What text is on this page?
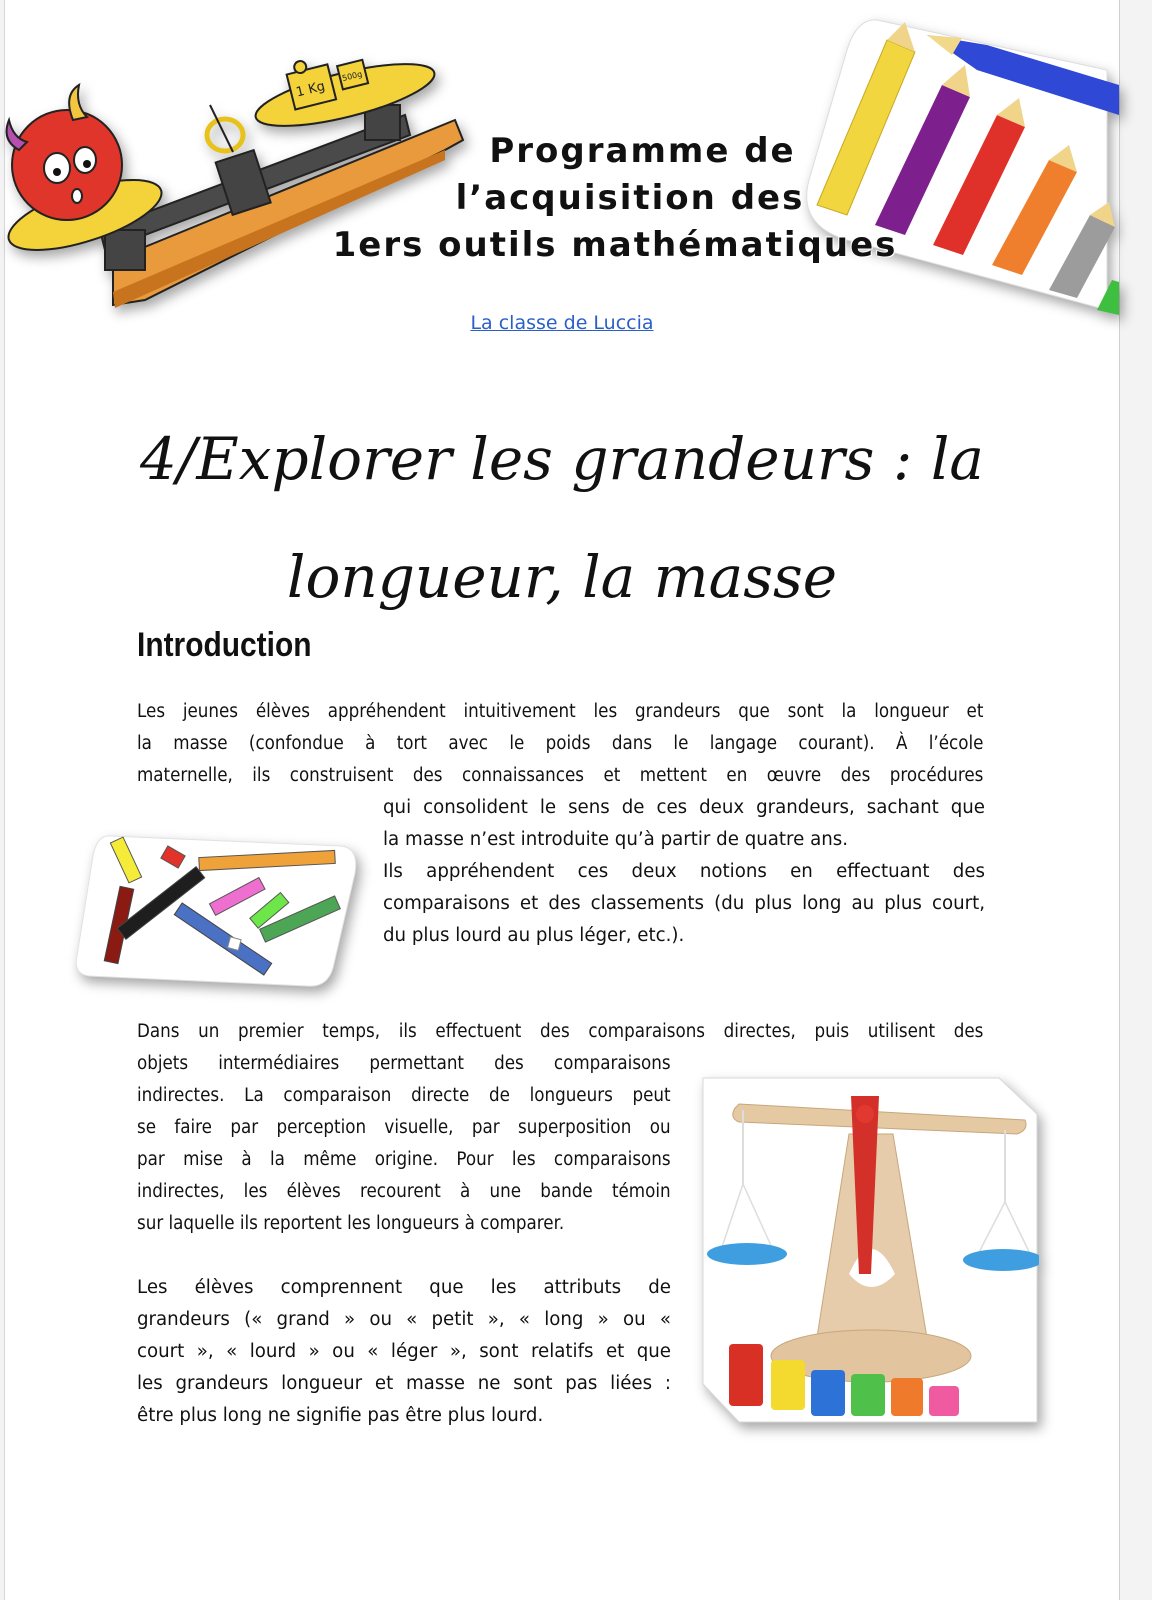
1 Kg
500g
Programme de
l’acquisition des
1ers outils mathématiques
La classe de Luccia
4/Explorer les grandeurs : la
longueur, la masse
Introduction
Les jeunes élèves appréhendent intuitivement les grandeurs que sont la longueur et
la masse (confondue à tort avec le poids dans le langage courant). À l’école
maternelle, ils construisent des connaissances et mettent en œuvre des procédures
qui consolident le sens de ces deux grandeurs, sachant que
la masse n’est introduite qu’à partir de quatre ans.
Ils appréhendent ces deux notions en effectuant des
comparaisons et des classements (du plus long au plus court,
du plus lourd au plus léger, etc.).
Dans un premier temps, ils effectuent des comparaisons directes, puis utilisent des
objets intermédiaires permettant des comparaisons
indirectes. La comparaison directe de longueurs peut
se faire par perception visuelle, par superposition ou
par mise à la même origine. Pour les comparaisons
indirectes, les élèves recourent à une bande témoin
sur laquelle ils reportent les longueurs à comparer.
Les élèves comprennent que les attributs de
grandeurs (« grand » ou « petit », « long » ou «
court », « lourd » ou « léger », sont relatifs et que
les grandeurs longueur et masse ne sont pas liées :
être plus long ne signifie pas être plus lourd.
